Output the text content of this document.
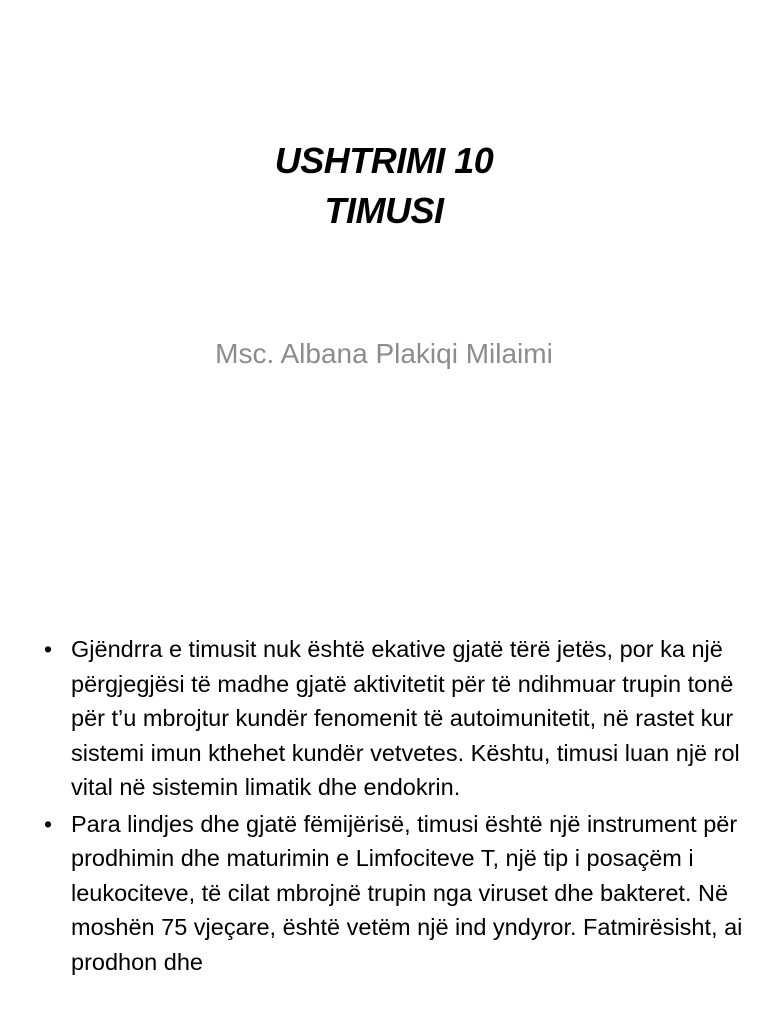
USHTRIMI 10
TIMUSI
Msc. Albana Plakiqi Milaimi
• Gjëndrra e timusit nuk është ekative gjatë tërë jetës, por ka një përgjegjësi të madhe gjatë aktivitetit për të ndihmuar trupin tonë për t’u mbrojtur kundër fenomenit të autoimunitetit, në rastet kur sistemi imun kthehet kundër vetvetes. Kështu, timusi luan një rol vital në sistemin limatik dhe endokrin.
• Para lindjes dhe gjatë fëmijërisë, timusi është një instrument për prodhimin dhe maturimin e Limfociteve T, një tip i posaçëm i leukociteve, të cilat mbrojnë trupin nga viruset dhe bakteret. Në moshën 75 vjeçare, është vetëm një ind yndyror. Fatmirësisht, ai prodhon dhe
